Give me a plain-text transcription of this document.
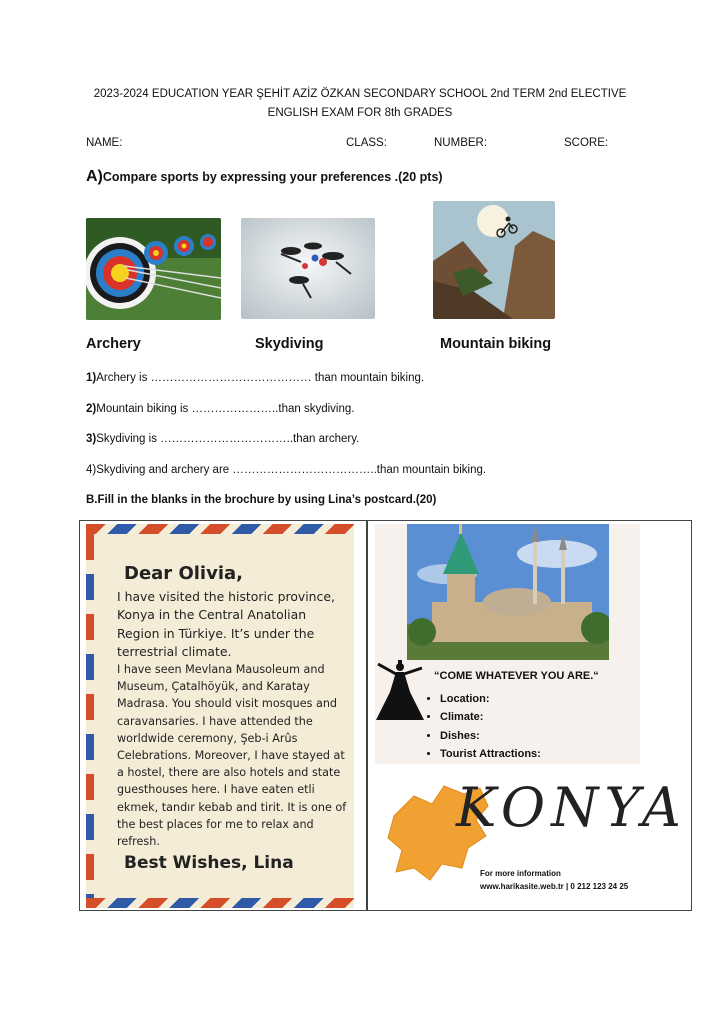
2023-2024 EDUCATION YEAR ŞEHİT AZİZ ÖZKAN SECONDARY SCHOOL 2nd TERM 2nd ELECTIVE
ENGLISH EXAM FOR 8th GRADES
NAME:	CLASS:	NUMBER:	SCORE:
A)Compare sports by expressing your preferences .(20 pts)
Archery	Skydiving	Mountain biking
1)Archery is …………………………………… than mountain biking.
2)Mountain biking is …………………..than skydiving.
3)Skydiving is ……………………………..than archery.
4)Skydiving and archery are ………………………………..than mountain biking.
B.Fill in the blanks in the brochure by using Lina’s postcard.(20)
Dear Olivia,
I have visited the historic province, Konya in the Central Anatolian Region in Türkiye. It’s under the terrestrial climate.
I have seen Mevlana Mausoleum and Museum, Çatalhöyük, and Karatay Madrasa. You should visit mosques and caravansaries. I have attended the worldwide ceremony, Şeb-i Arûs Celebrations. Moreover, I have stayed at a hostel, there are also hotels and state guesthouses here. I have eaten etli ekmek, tandır kebab and tirit. It is one of the best places for me to relax and refresh.
Best Wishes, Lina
“COME WHATEVER YOU ARE.“
• Location:
• Climate:
• Dishes:
• Tourist Attractions:
KONYA
For more information
www.harikasite.web.tr | 0 212 123 24 25
